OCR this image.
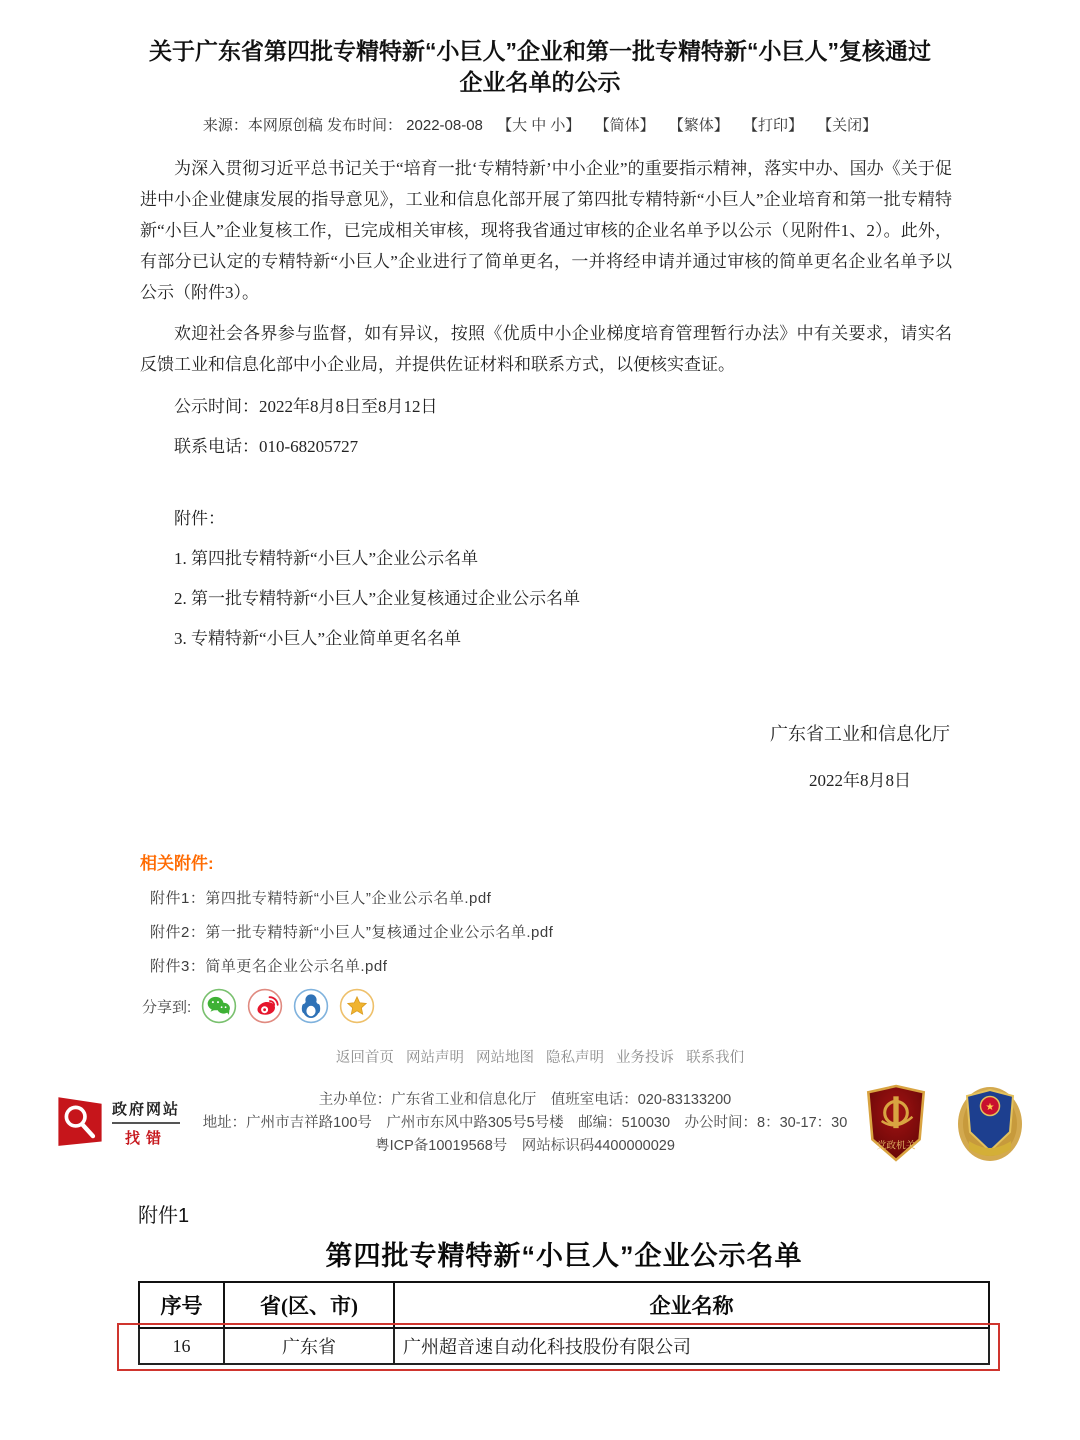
关于广东省第四批专精特新“小巨人”企业和第一批专精特新“小巨人”复核通过企业名单的公示
来源：本网原创稿 发布时间： 2022-08-08 【大 中 小】 【简体】 【繁体】 【打印】 【关闭】

为深入贯彻习近平总书记关于“培育一批‘专精特新’中小企业”的重要指示精神，落实中办、国办《关于促进中小企业健康发展的指导意见》，工业和信息化部开展了第四批专精特新“小巨人”企业培育和第一批专精特新“小巨人”企业复核工作，已完成相关审核，现将我省通过审核的企业名单予以公示（见附件1、2）。此外，有部分已认定的专精特新“小巨人”企业进行了简单更名，一并将经申请并通过审核的简单更名企业名单予以公示（附件3）。

欢迎社会各界参与监督，如有异议，按照《优质中小企业梯度培育管理暂行办法》中有关要求，请实名反馈工业和信息化部中小企业局，并提供佐证材料和联系方式，以便核实查证。

公示时间：2022年8月8日至8月12日

联系电话：010-68205727

附件：

1. 第四批专精特新“小巨人”企业公示名单

2. 第一批专精特新“小巨人”企业复核通过企业公示名单

3. 专精特新“小巨人”企业简单更名名单

广东省工业和信息化厅
2022年8月8日
相关附件:
附件1：第四批专精特新“小巨人”企业公示名单.pdf
附件2：第一批专精特新“小巨人”复核通过企业公示名单.pdf
附件3：简单更名企业公示名单.pdf
分享到:
返回首页 网站声明 网站地图 隐私声明 业务投诉 联系我们
政府网站
找错
主办单位：广东省工业和信息化厅　值班室电话：020-83133200
地址：广州市吉祥路100号　广州市东风中路305号5号楼　邮编：510030　办公时间：8：30-17：30
粤ICP备10019568号　网站标识码4400000029	党政机关
★
附件1
第四批专精特新“小巨人”企业公示名单
序号	省(区、市)	企业名称
16	广东省	广州超音速自动化科技股份有限公司
